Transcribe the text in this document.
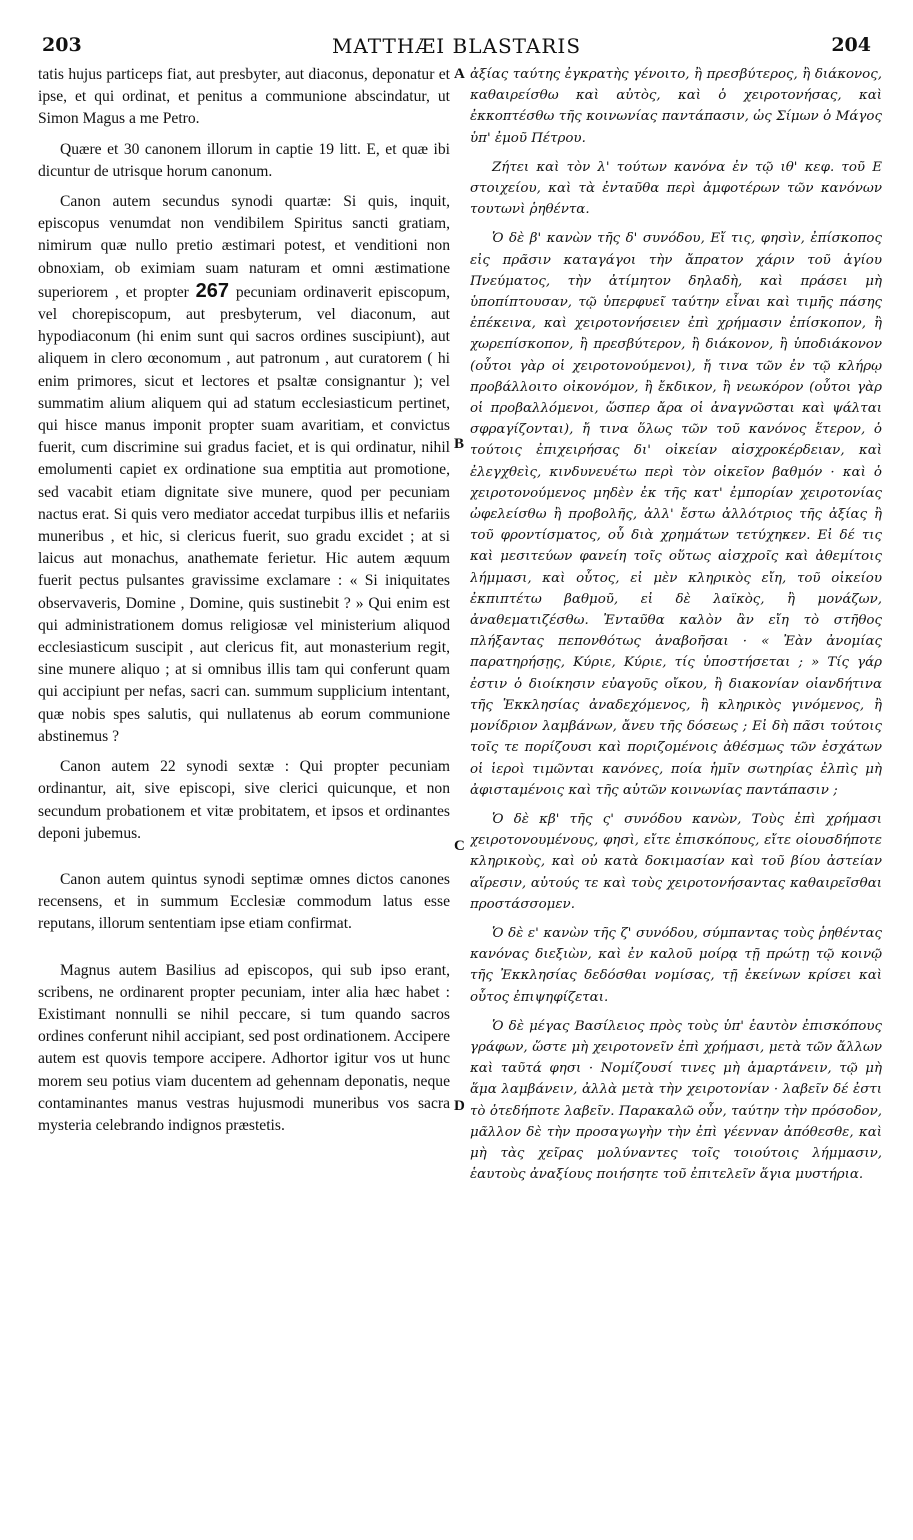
203	MATTHÆI BLASTARIS	204
A
B
C
D

tatis hujus particeps fiat, aut presbyter, aut diaconus, deponatur et ipse, et qui ordinat, et penitus a communione abscindatur, ut Simon Magus a me Petro.

Quære et 30 canonem illorum in captie 19 litt. E, et quæ ibi dicuntur de utrisque horum canonum.

Canon autem secundus synodi quartæ: Si quis, inquit, episcopus venumdat non vendibilem Spiritus sancti gratiam, nimirum quæ nullo pretio æstimari potest, et venditioni non obnoxiam, ob eximiam suam naturam et omni æstimatione superiorem , et propter 267 pecuniam ordinaverit episcopum, vel chorepiscopum, aut presbyterum, vel diaconum, aut hypodiaconum (hi enim sunt qui sacros ordines suscipiunt), aut aliquem in clero œconomum , aut patronum , aut curatorem ( hi enim primores, sicut et lectores et psaltæ consignantur ); vel summatim alium aliquem qui ad statum ecclesiasticum pertinet, qui hisce manus imponit propter suam avaritiam, et convictus fuerit, cum discrimine sui gradus faciet, et is qui ordinatur, nihil emolumenti capiet ex ordinatione sua emptitia aut promotione, sed vacabit etiam dignitate sive munere, quod per pecuniam nactus erat. Si quis vero mediator accedat turpibus illis et nefariis muneribus , et hic, si clericus fuerit, suo gradu excidet ; at si laicus aut monachus, anathemate ferietur. Hic autem æquum fuerit pectus pulsantes gravissime exclamare : « Si iniquitates observaveris, Domine , Domine, quis sustinebit ? » Qui enim est qui administrationem domus religiosæ vel ministerium aliquod ecclesiasticum suscipit , aut clericus fit, aut monasterium regit, sine munere aliquo ; at si omnibus illis tam qui conferunt quam qui accipiunt per nefas, sacri can. summum supplicium intentant, quæ nobis spes salutis, qui nullatenus ab eorum communione abstinemus ?

Canon autem 22 synodi sextæ : Qui propter pecuniam ordinantur, ait, sive episcopi, sive clerici quicunque, et non secundum probationem et vitæ probitatem, et ipsos et ordinantes deponi jubemus.

Canon autem quintus synodi septimæ omnes dictos canones recensens, et in summum Ecclesiæ commodum latus esse reputans, illorum sententiam ipse etiam confirmat.

Magnus autem Basilius ad episcopos, qui sub ipso erant, scribens, ne ordinarent propter pecuniam, inter alia hæc habet : Existimant nonnulli se nihil peccare, si tum quando sacros ordines conferunt nihil accipiant, sed post ordinationem. Accipere autem est quovis tempore accipere. Adhortor igitur vos ut hunc morem seu potius viam ducentem ad gehennam deponatis, neque contaminantes manus vestras hujusmodi muneribus vos sacra mysteria celebrando indignos præstetis.

ἀξίας ταύτης ἐγκρατὴς γένοιτο, ἢ πρεσβύτερος, ἢ διάκονος, καθαιρείσθω καὶ αὐτὸς, καὶ ὁ χειροτονήσας, καὶ ἐκκοπτέσθω τῆς κοινωνίας παντάπασιν, ὡς Σίμων ὁ Μάγος ὑπ' ἐμοῦ Πέτρου.

Ζήτει καὶ τὸν λ' τούτων κανόνα ἐν τῷ ιθ' κεφ. τοῦ Ε στοιχείου, καὶ τὰ ἐνταῦθα περὶ ἀμφοτέρων τῶν κανόνων τουτωνὶ ῥηθέντα.

Ὁ δὲ β' κανὼν τῆς δ' συνόδου, Εἴ τις, φησὶν, ἐπίσκοπος εἰς πρᾶσιν καταγάγοι τὴν ἄπρατον χάριν τοῦ ἁγίου Πνεύματος, τὴν ἀτίμητον δηλαδὴ, καὶ πράσει μὴ ὑποπίπτουσαν, τῷ ὑπερφυεῖ ταύτην εἶναι καὶ τιμῆς πάσης ἐπέκεινα, καὶ χειροτονήσειεν ἐπὶ χρήμασιν ἐπίσκοπον, ἢ χωρεπίσκοπον, ἢ πρεσβύτερον, ἢ διάκονον, ἢ ὑποδιάκονον (οὗτοι γὰρ οἱ χειροτονούμενοι), ἤ τινα τῶν ἐν τῷ κλήρῳ προβάλλοιτο οἰκονόμον, ἢ ἔκδικον, ἢ νεωκόρον (οὗτοι γὰρ οἱ προβαλλόμενοι, ὥσπερ ἄρα οἱ ἀναγνῶσται καὶ ψάλται σφραγίζονται), ἤ τινα ὅλως τῶν τοῦ κανόνος ἕτερον, ὁ τούτοις ἐπιχειρήσας δι' οἰκείαν αἰσχροκέρδειαν, καὶ ἐλεγχθεὶς, κινδυνευέτω περὶ τὸν οἰκεῖον βαθμόν · καὶ ὁ χειροτονούμενος μηδὲν ἐκ τῆς κατ' ἐμπορίαν χειροτονίας ὠφελείσθω ἢ προβολῆς, ἀλλ' ἔστω ἀλλότριος τῆς ἀξίας ἢ τοῦ φροντίσματος, οὗ διὰ χρημάτων τετύχηκεν. Εἰ δέ τις καὶ μεσιτεύων φανείη τοῖς οὕτως αἰσχροῖς καὶ ἀθεμίτοις λήμμασι, καὶ οὗτος, εἰ μὲν κληρικὸς εἴη, τοῦ οἰκείου ἐκπιπτέτω βαθμοῦ, εἰ δὲ λαϊκὸς, ἢ μονάζων, ἀναθεματιζέσθω. Ἐνταῦθα καλὸν ἂν εἴη τὸ στῆθος πλήξαντας πεπονθότως ἀναβοῆσαι · « Ἐὰν ἀνομίας παρατηρήσῃς, Κύριε, Κύριε, τίς ὑποστήσεται ; » Τίς γάρ ἐστιν ὁ διοίκησιν εὐαγοῦς οἴκου, ἢ διακονίαν οἱανδήτινα τῆς Ἐκκλησίας ἀναδεχόμενος, ἢ κληρικὸς γινόμενος, ἢ μονίδριον λαμβάνων, ἄνευ τῆς δόσεως ; Εἰ δὴ πᾶσι τούτοις τοῖς τε πορίζουσι καὶ ποριζομένοις ἀθέσμως τῶν ἐσχάτων οἱ ἱεροὶ τιμῶνται κανόνες, ποία ἡμῖν σωτηρίας ἐλπὶς μὴ ἀφισταμένοις καὶ τῆς αὐτῶν κοινωνίας παντάπασιν ;

Ὁ δὲ κβ' τῆς ς' συνόδου κανὼν, Τοὺς ἐπὶ χρήμασι χειροτονουμένους, φησὶ, εἴτε ἐπισκόπους, εἴτε οἱουσδήποτε κληρικοὺς, καὶ οὐ κατὰ δοκιμασίαν καὶ τοῦ βίου ἀστείαν αἵρεσιν, αὐτούς τε καὶ τοὺς χειροτονήσαντας καθαιρεῖσθαι προστάσσομεν.

Ὁ δὲ ε' κανὼν τῆς ζ' συνόδου, σύμπαντας τοὺς ῥηθέντας κανόνας διεξιὼν, καὶ ἐν καλοῦ μοίρᾳ τῇ πρώτῃ τῷ κοινῷ τῆς Ἐκκλησίας δεδόσθαι νομίσας, τῇ ἐκείνων κρίσει καὶ οὗτος ἐπιψηφίζεται.

Ὁ δὲ μέγας Βασίλειος πρὸς τοὺς ὑπ' ἑαυτὸν ἐπισκόπους γράφων, ὥστε μὴ χειροτονεῖν ἐπὶ χρήμασι, μετὰ τῶν ἄλλων καὶ ταῦτά φησι · Νομίζουσί τινες μὴ ἁμαρτάνειν, τῷ μὴ ἅμα λαμβάνειν, ἀλλὰ μετὰ τὴν χειροτονίαν · λαβεῖν δέ ἐστι τὸ ὁτεδήποτε λαβεῖν. Παρακαλῶ οὖν, ταύτην τὴν πρόσοδον, μᾶλλον δὲ τὴν προσαγωγὴν τὴν ἐπὶ γέενναν ἀπόθεσθε, καὶ μὴ τὰς χεῖρας μολύναντες τοῖς τοιούτοις λήμμασιν, ἑαυτοὺς ἀναξίους ποιήσητε τοῦ ἐπιτελεῖν ἅγια μυστήρια.
